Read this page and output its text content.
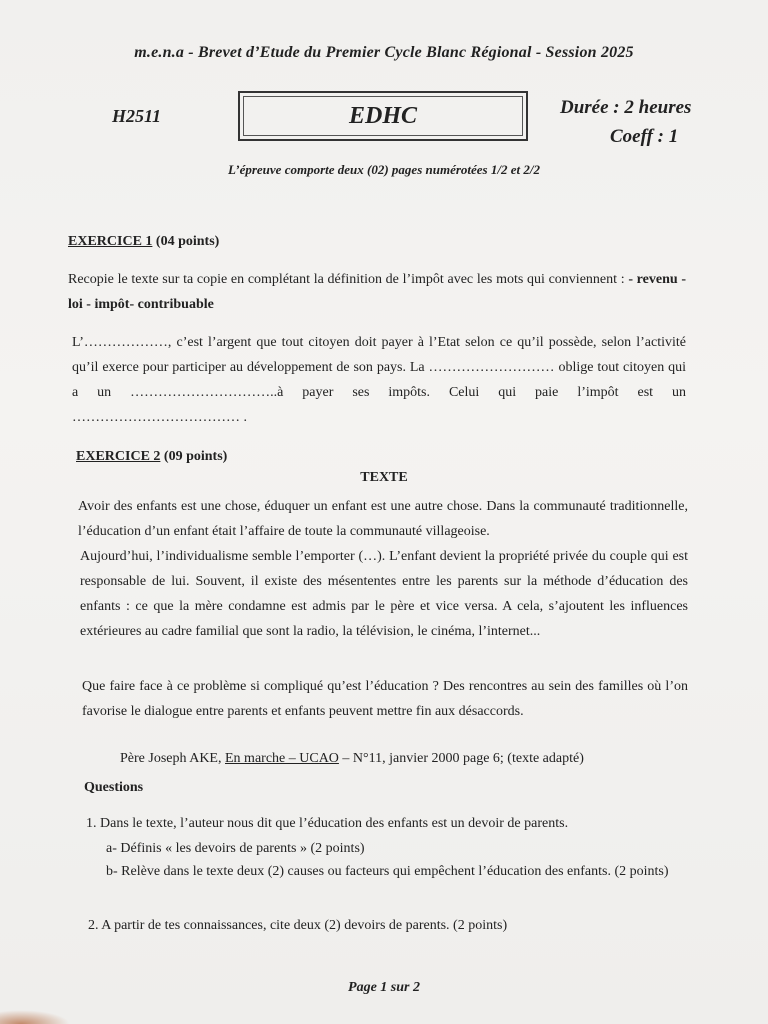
m.e.n.a - Brevet d’Etude du Premier Cycle Blanc Régional - Session 2025
H2511	EDHC	Durée : 2 heures
Coeff : 1
L’épreuve comporte deux (02) pages numérotées 1/2 et 2/2
EXERCICE 1 (04 points)
Recopie le texte sur ta copie en complétant la définition de l’impôt avec les mots qui conviennent : - revenu - loi - impôt- contribuable
L’………………, c’est l’argent que tout citoyen doit payer à l’Etat selon ce qu’il possède, selon l’activité qu’il exerce pour participer au développement de son pays. La ……………………… oblige tout citoyen qui a un …………………………..à payer ses impôts. Celui qui paie l’impôt est un ……………………………… .
EXERCICE 2 (09 points)
TEXTE
Avoir des enfants est une chose, éduquer un enfant est une autre chose. Dans la communauté traditionnelle, l’éducation d’un enfant était l’affaire de toute la communauté villageoise.
Aujourd’hui, l’individualisme semble l’emporter (…). L’enfant devient la propriété privée du couple qui est responsable de lui. Souvent, il existe des mésententes entre les parents sur la méthode d’éducation des enfants : ce que la mère condamne est admis par le père et vice versa. A cela, s’ajoutent les influences extérieures au cadre familial que sont la radio, la télévision, le cinéma, l’internet...
Que faire face à ce problème si compliqué qu’est l’éducation ? Des rencontres au sein des familles où l’on favorise le dialogue entre parents et enfants peuvent mettre fin aux désaccords.
Père Joseph AKE, En marche – UCAO – N°11, janvier 2000 page 6; (texte adapté)
Questions
1. Dans le texte, l’auteur nous dit que l’éducation des enfants est un devoir de parents.
a- Définis « les devoirs de parents » (2 points)
b- Relève dans le texte deux (2) causes ou facteurs qui empêchent l’éducation des enfants. (2 points)
2. A partir de tes connaissances, cite deux (2) devoirs de parents. (2 points)
Page 1 sur 2
